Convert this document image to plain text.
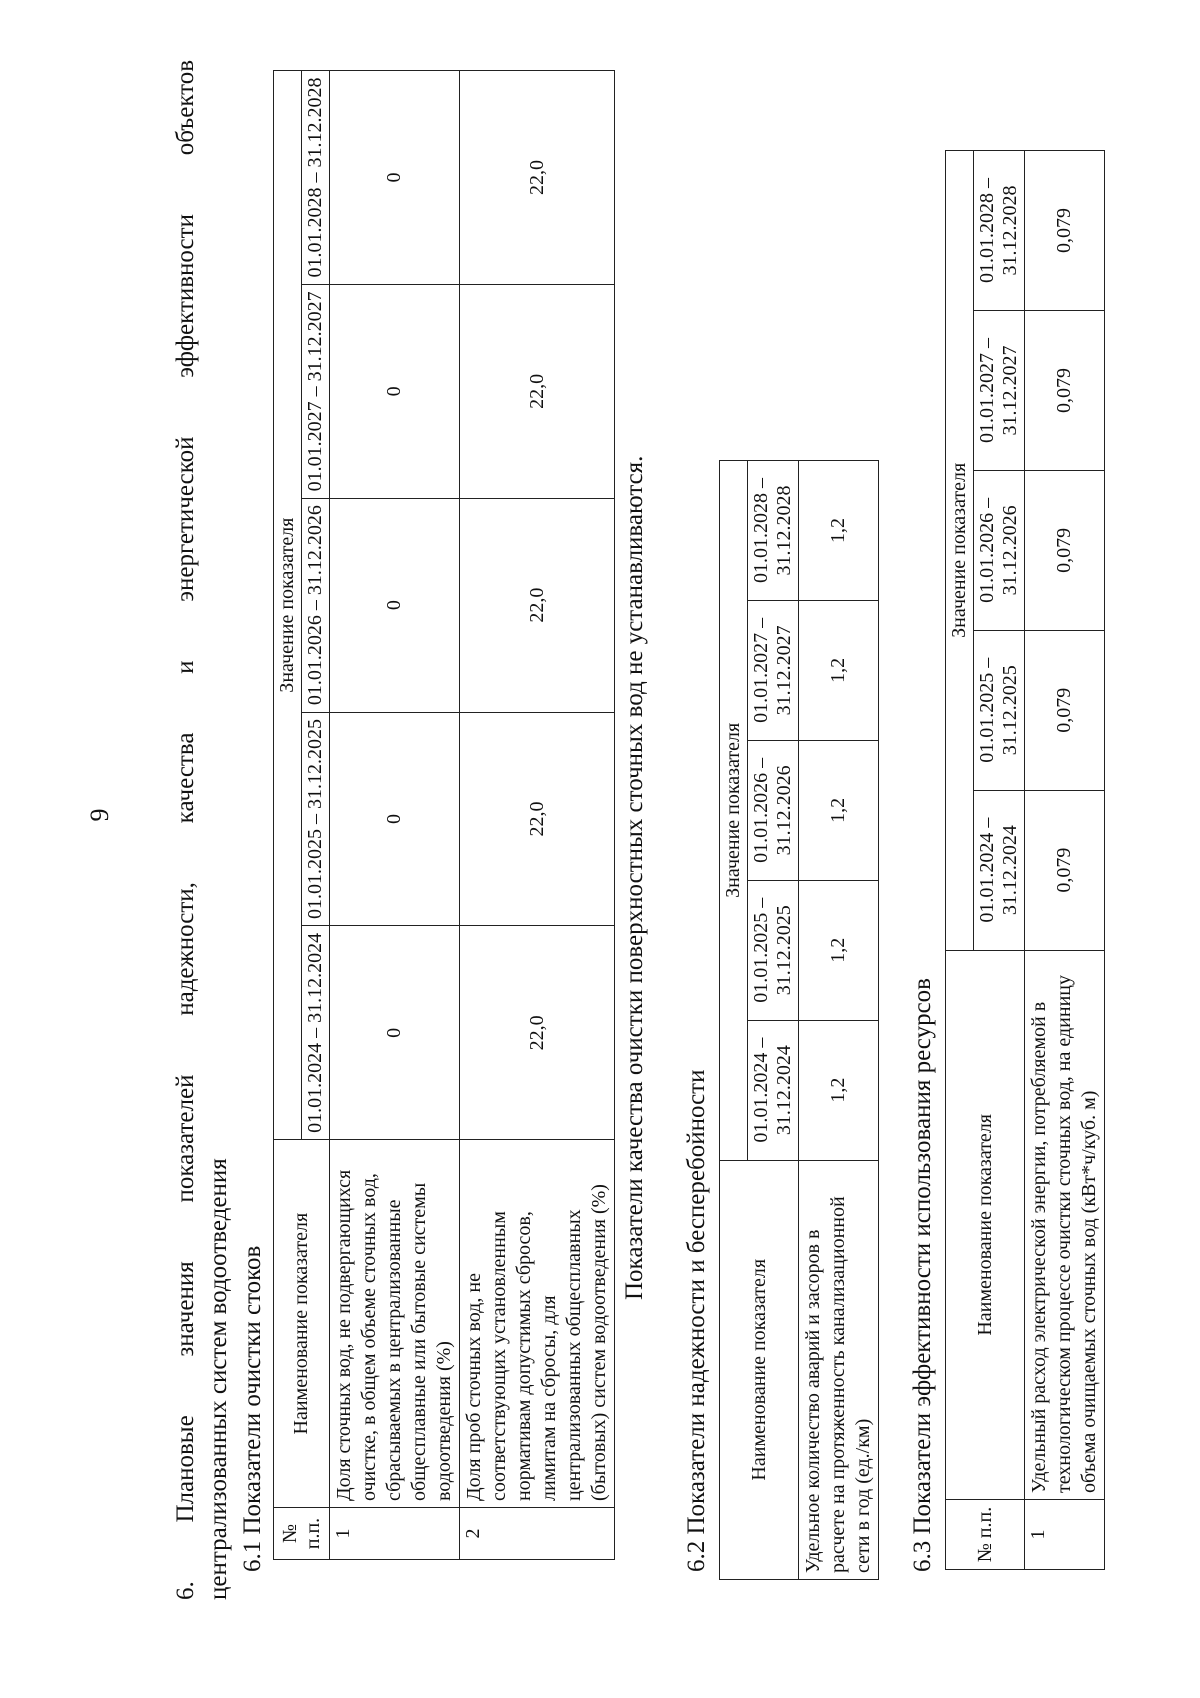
9

6. Плановые значения показателей надежности, качества и энергетической эффективности объектов

централизованных систем водоотведения 6.1 Показатели очистки стоков № п.п.	Наименование показателя	Значение показателя				
		01.01.2024 – 31.12.2024	01.01.2025 – 31.12.2025	01.01.2026 – 31.12.2026	01.01.2027 – 31.12.2027	01.01.2028 – 31.12.2028
1	Доля сточных вод, не подвергающихся очистке, в общем объеме сточных вод, сбрасываемых в централизованные общесплавные или бытовые системы водоотведения (%)	0	0	0	0	0
2	Доля проб сточных вод, не соответствующих установленным нормативам допустимых сбросов, лимитам на сбросы, для централизованных общесплавных (бытовых) систем водоотведения (%)	22,0	22,0	22,0	22,0	22,0
Показатели качества очистки поверхностных сточных вод не устанавливаются.
6.2 Показатели надежности и бесперебойности Наименование показателя	Значение показателя				
	01.01.2024 – 31.12.2024	01.01.2025 – 31.12.2025	01.01.2026 – 31.12.2026	01.01.2027 – 31.12.2027	01.01.2028 – 31.12.2028
Удельное количество аварий и засоров в расчете на протяженность канализационной сети в год (ед./км)	1,2	1,2	1,2	1,2	1,2
6.3 Показатели эффективности использования ресурсов № п.п.	Наименование показателя	Значение показателя				
		01.01.2024 – 31.12.2024	01.01.2025 – 31.12.2025	01.01.2026 – 31.12.2026	01.01.2027 – 31.12.2027	01.01.2028 – 31.12.2028
1	Удельный расход электрической энергии, потребляемой в технологическом процессе очистки сточных вод, на единицу объема очищаемых сточных вод (кВт*ч/куб. м)	0,079	0,079	0,079	0,079	0,079
